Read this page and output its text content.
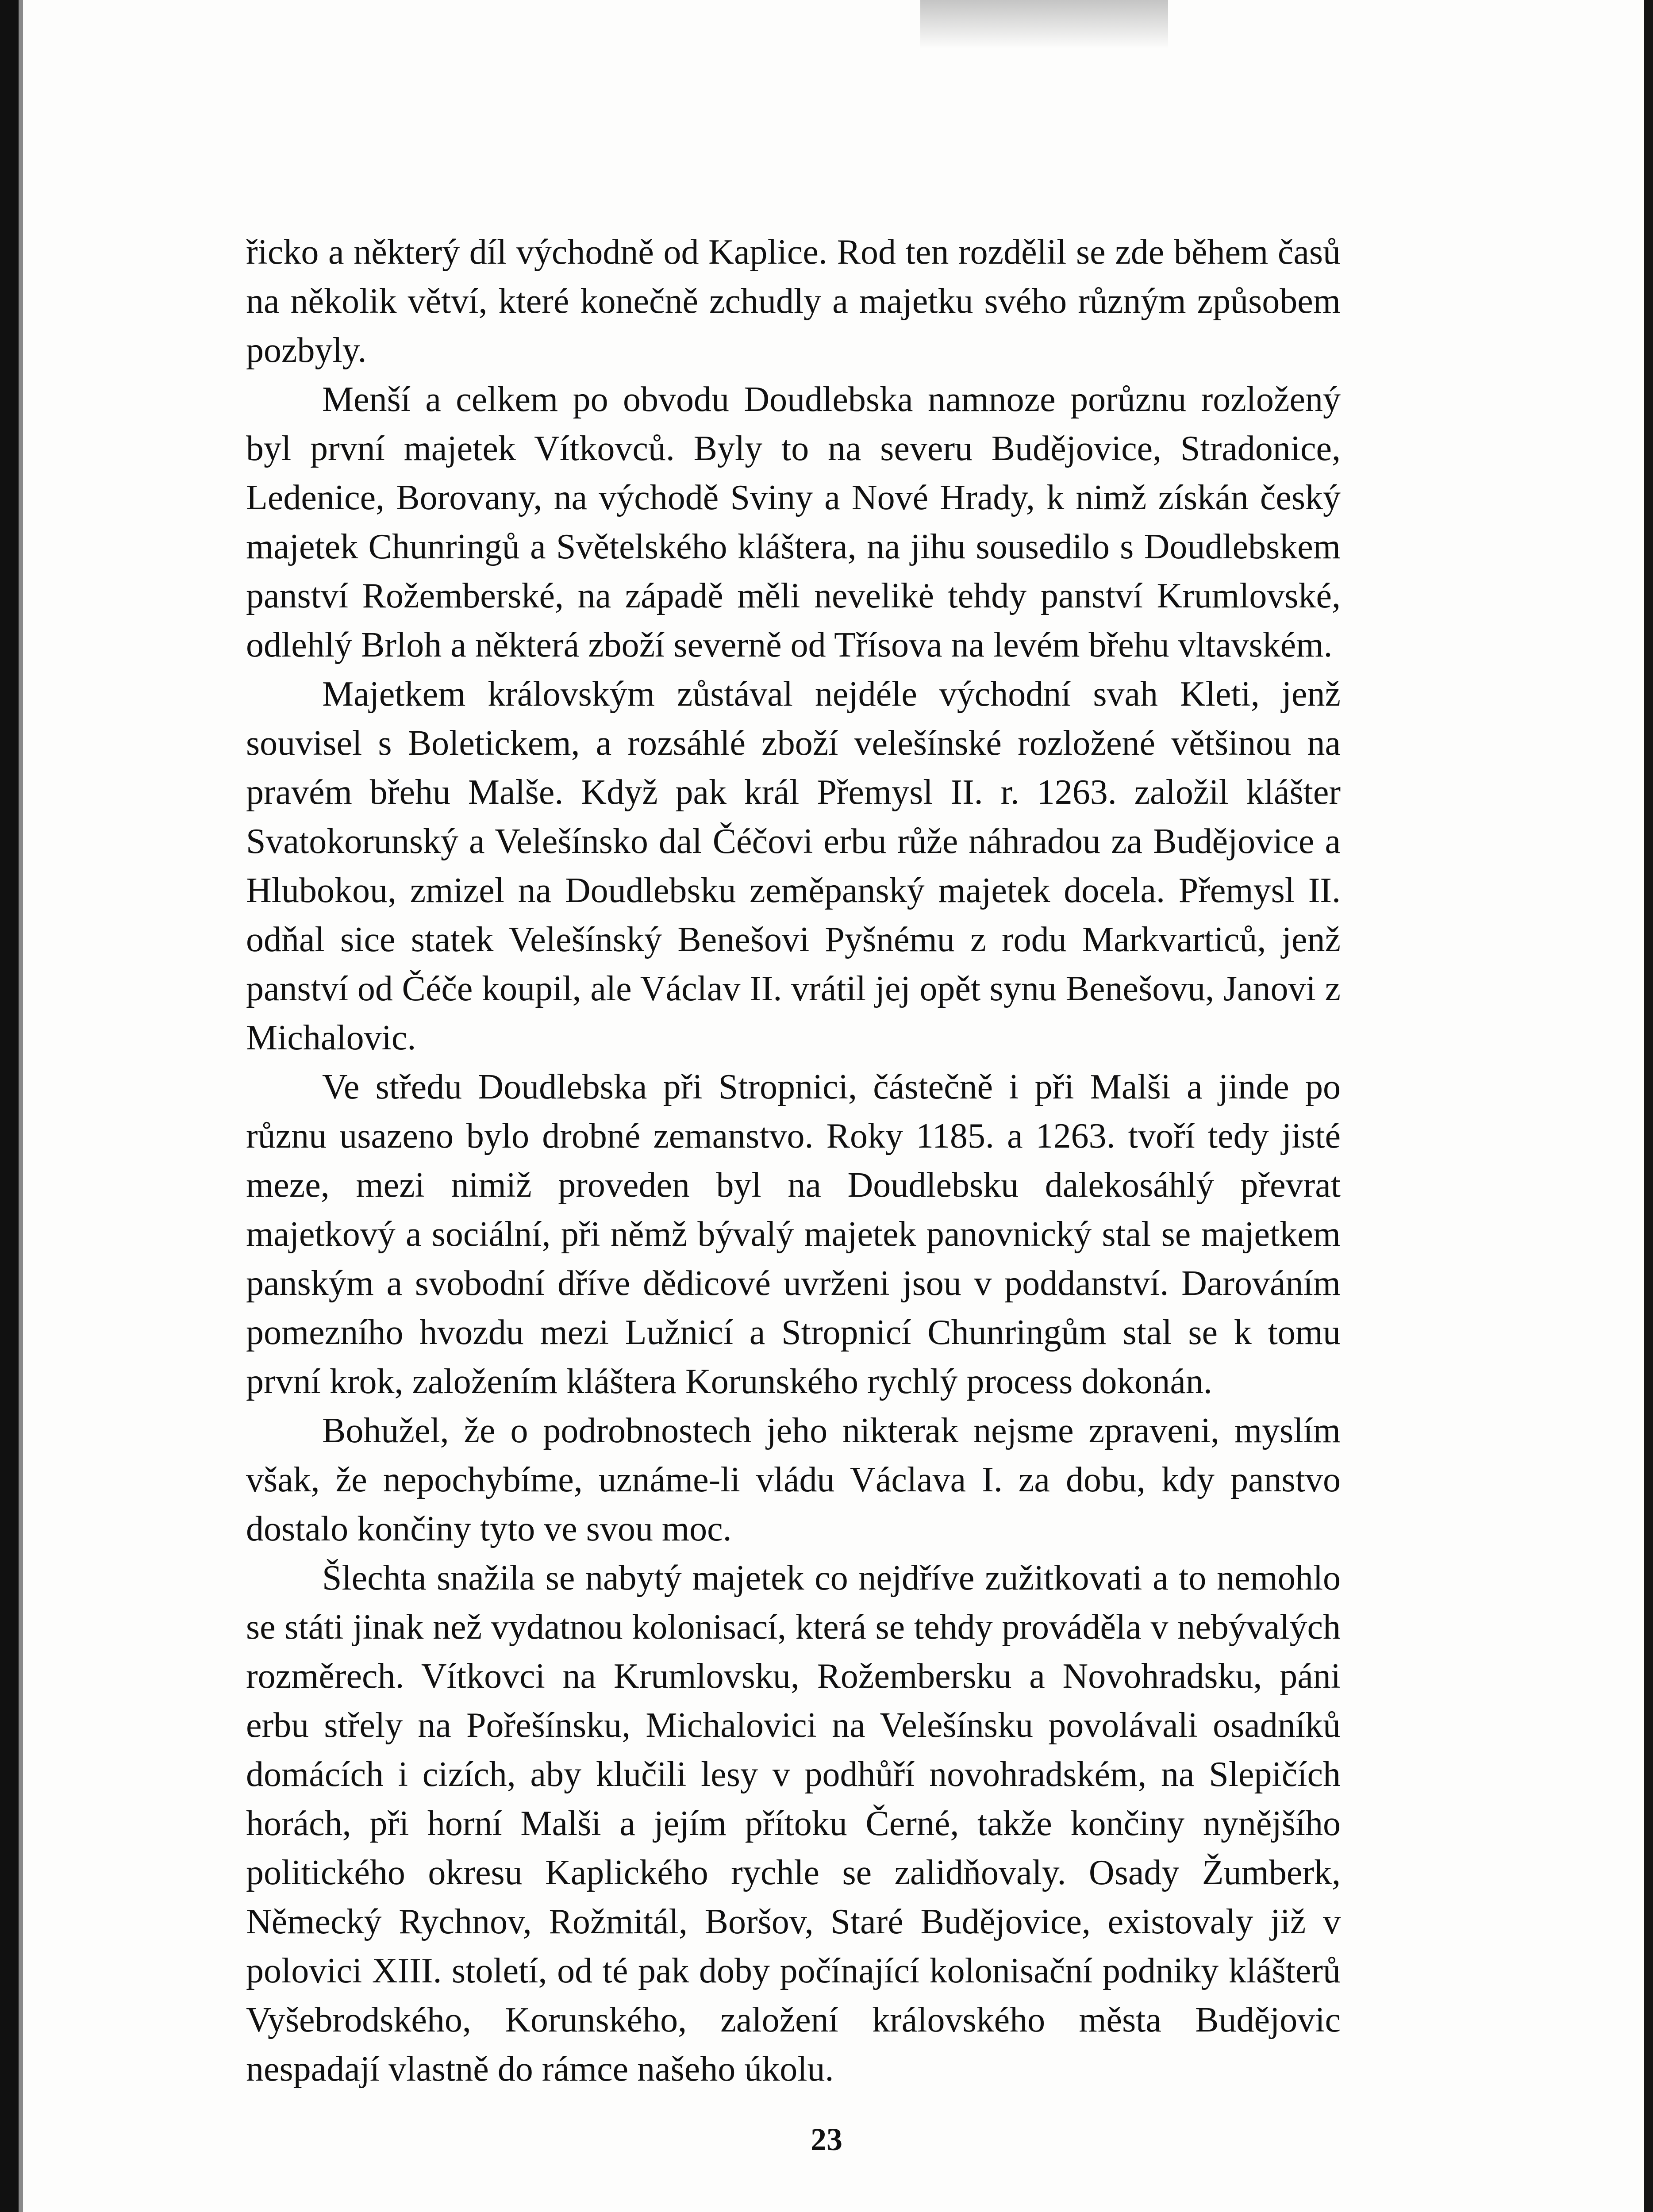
řicko a některý díl východně od Kaplice. Rod ten rozdělil se zde během časů na několik větví, které konečně zchudly a majetku svého různým způsobem pozbyly.

Menší a celkem po obvodu Doudlebska namnoze porůznu rozložený byl první majetek Vítkovců. Byly to na severu Budějovice, Stradonice, Ledenice, Borovany, na východě Sviny a Nové Hrady, k nimž získán český majetek Chunringů a Světelského kláštera, na jihu sousedilo s Doudlebskem panství Rožemberské, na západě měli nevelikė tehdy panství Krumlovské, odlehlý Brloh a některá zboží severně od Třísova na levém břehu vltavském.

Majetkem královským zůstával nejdéle východní svah Kleti, jenž souvisel s Boletickem, a rozsáhlé zboží velešínské rozložené většinou na pravém břehu Malše. Když pak král Přemysl II. r. 1263. založil klášter Svatokorunský a Velešínsko dal Čéčovi erbu růže náhradou za Budějovice a Hlubokou, zmizel na Doudlebsku zeměpanský majetek docela. Přemysl II. odňal sice statek Velešínský Benešovi Pyšnému z rodu Markvarticů, jenž panství od Čéče koupil, ale Václav II. vrátil jej opět synu Benešovu, Janovi z Michalovic.

Ve středu Doudlebska při Stropnici, částečně i při Malši a jinde po různu usazeno bylo drobné zemanstvo. Roky 1185. a 1263. tvoří tedy jisté meze, mezi nimiž proveden byl na Doudlebsku dalekosáhlý převrat majetkový a sociální, při němž bývalý majetek panovnický stal se majetkem panským a svobodní dříve dědicové uvrženi jsou v poddanství. Darováním pomezního hvozdu mezi Lužnicí a Stropnicí Chunringům stal se k tomu první krok, založením kláštera Korunského rychlý process dokonán.

Bohužel, že o podrobnostech jeho nikterak nejsme zpraveni, myslím však, že nepochybíme, uznáme-li vládu Václava I. za dobu, kdy panstvo dostalo končiny tyto ve svou moc.

Šlechta snažila se nabytý majetek co nejdříve zužitkovati a to nemohlo se státi jinak než vydatnou kolonisací, která se tehdy prováděla v nebývalých rozměrech. Vítkovci na Krumlovsku, Rožembersku a Novohradsku, páni erbu střely na Pořešínsku, Michalovici na Velešínsku povolávali osadníků domácích i cizích, aby klučili lesy v podhůří novohradském, na Slepičích horách, při horní Malši a jejím přítoku Černé, takže končiny nynějšího politického okresu Kaplického rychle se zalidňovaly. Osady Žumberk, Německý Rychnov, Rožmitál, Boršov, Staré Budějovice, existovaly již v polovici XIII. století, od té pak doby počínající kolonisační podniky klášterů Vyšebrodského, Korunského, založení královského města Budějovic nespadají vlastně do rámce našeho úkolu.

23
